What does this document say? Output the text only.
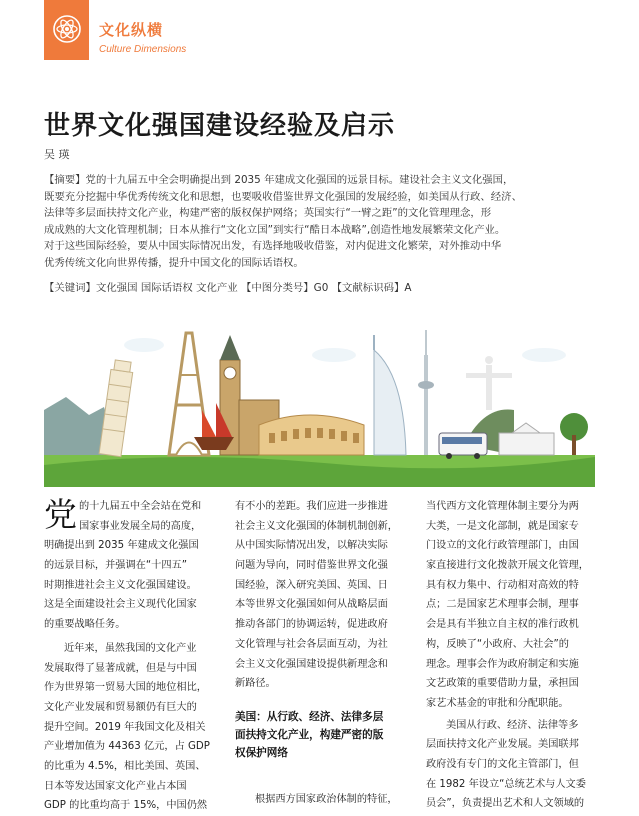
文化纵横
Culture Dimensions
世界文化强国建设经验及启示
吴 瑛
【摘要】党的十九届五中全会明确提出到 2035 年建成文化强国的远景目标。建设社会主义文化强国，
既要充分挖掘中华优秀传统文化和思想，也要吸收借鉴世界文化强国的发展经验，如美国从行政、经济、
法律等多层面扶持文化产业，构建严密的版权保护网络；英国实行“一臂之距”的文化管理理念，形
成成熟的大文化管理机制；日本从推行“文化立国”到实行“酷日本战略”,创造性地发展繁荣文化产业。
对于这些国际经验，要从中国实际情况出发，有选择地吸收借鉴，对内促进文化繁荣，对外推动中华
优秀传统文化向世界传播，提升中国文化的国际话语权。
【关键词】文化强国 国际话语权 文化产业 【中图分类号】G0 【文献标识码】A
党 的十九届五中全会站在党和
国家事业发展全局的高度，
明确提出到 2035 年建成文化强国
的远景目标，并强调在“十四五”
时期推进社会主义文化强国建设。
这是全面建设社会主义现代化国家
的重要战略任务。
近年来，虽然我国的文化产业
发展取得了显著成就，但是与中国
作为世界第一贸易大国的地位相比，
文化产业发展和贸易额仍有巨大的
提升空间。2019 年我国文化及相关
产业增加值为 44363 亿元，占 GDP
的比重为 4.5%，相比美国、英国、
日本等发达国家文化产业占本国
GDP 的比重均高于 15%，中国仍然
有不小的差距。我们应进一步推进
社会主义文化强国的体制机制创新，
从中国实际情况出发，以解决实际
问题为导向，同时借鉴世界文化强
国经验，深入研究美国、英国、日
本等世界文化强国如何从战略层面
推动各部门的协调运转，促进政府
文化管理与社会各层面互动，为社
会主义文化强国建设提供新理念和
新路径。
美国：从行政、经济、法律多层
面扶持文化产业，构建严密的版
权保护网络
根据西方国家政治体制的特征，
当代西方文化管理体制主要分为两
大类，一是文化部制，就是国家专
门设立的文化行政管理部门，由国
家直接进行文化拨款开展文化管理，
具有权力集中、行动相对高效的特
点；二是国家艺术理事会制，理事
会是具有半独立自主权的准行政机
构，反映了“小政府、大社会”的
理念。理事会作为政府制定和实施
文艺政策的重要借助力量，承担国
家艺术基金的审批和分配职能。
美国从行政、经济、法律等多
层面扶持文化产业发展。美国联邦
政府没有专门的文化主管部门，但
在 1982 年设立“总统艺术与人文委
员会”，负责提出艺术和人文领域的
